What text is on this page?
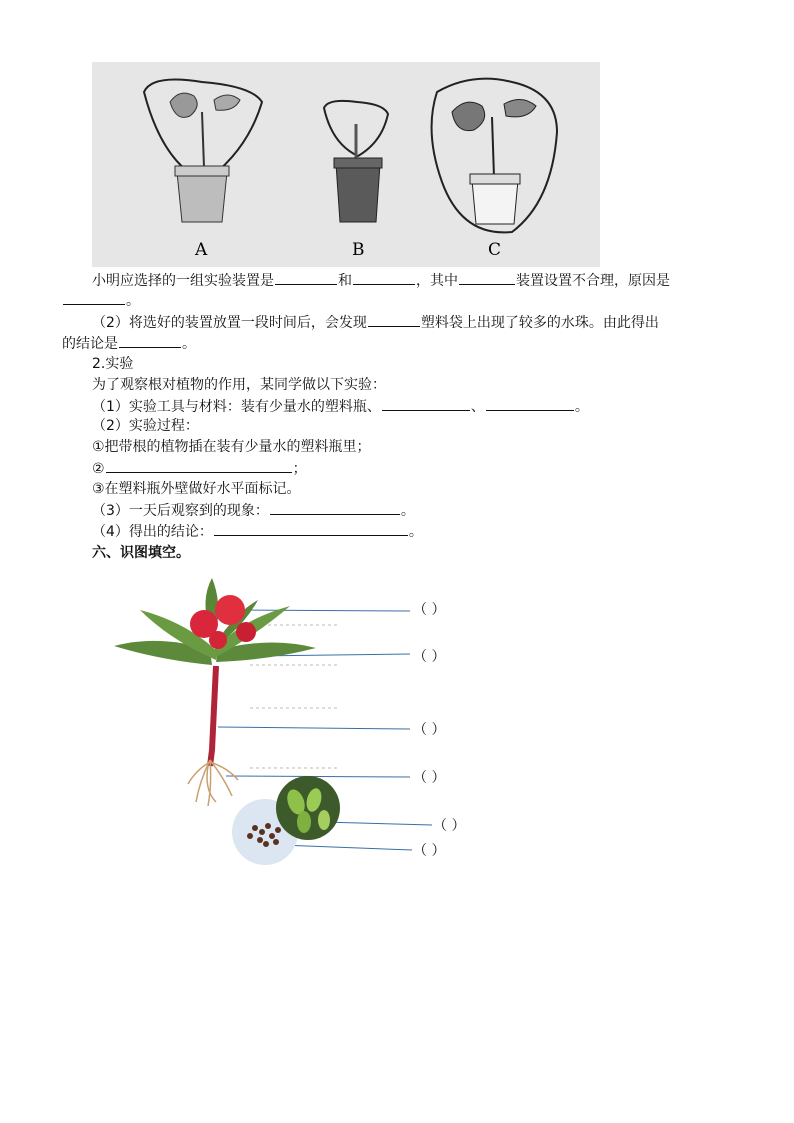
A	B	C
小明应选择的一组实验装置是	和	，其中	装置设置不合理，原因是
。
（2）将选好的装置放置一段时间后，会发现	塑料袋上出现了较多的水珠。由此得出
的结论是	。
2.实验
为了观察根对植物的作用，某同学做以下实验：
（1）实验工具与材料：装有少量水的塑料瓶、	、	。
（2）实验过程：
①把带根的植物插在装有少量水的塑料瓶里；
②	；
③在塑料瓶外壁做好水平面标记。
（3）一天后观察到的现象：	。
（4）得出的结论：	。
六、识图填空。
（ ）
（ ）
（ ）
（ ）
（ ）
（ ）
